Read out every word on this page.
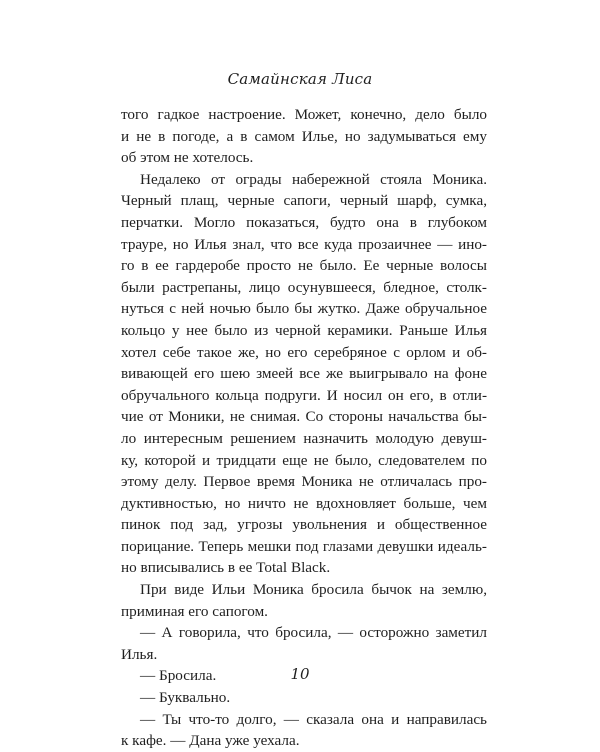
Самайнская Лиса
того гадкое настроение. Может, конечно, дело было
и не в погоде, а в самом Илье, но задумываться ему
об этом не хотелось.
Недалеко от ограды набережной стояла Моника.
Черный плащ, черные сапоги, черный шарф, сумка,
перчатки. Могло показаться, будто она в глубоком
трауре, но Илья знал, что все куда прозаичнее — ино-
го в ее гардеробе просто не было. Ее черные волосы
были растрепаны, лицо осунувшееся, бледное, столк-
нуться с ней ночью было бы жутко. Даже обручальное
кольцо у нее было из черной керамики. Раньше Илья
хотел себе такое же, но его серебряное с орлом и об-
вивающей его шею змеей все же выигрывало на фоне
обручального кольца подруги. И носил он его, в отли-
чие от Моники, не снимая. Со стороны начальства бы-
ло интересным решением назначить молодую девуш-
ку, которой и тридцати еще не было, следователем по
этому делу. Первое время Моника не отличалась про-
дуктивностью, но ничто не вдохновляет больше, чем
пинок под зад, угрозы увольнения и общественное
порицание. Теперь мешки под глазами девушки идеаль-
но вписывались в ее Total Black.
При виде Ильи Моника бросила бычок на землю,
приминая его сапогом.
— А говорила, что бросила, — осторожно заметил
Илья.
— Бросила.
— Буквально.
— Ты что-то долго, — сказала она и направилась
к кафе. — Дана уже уехала.
10
